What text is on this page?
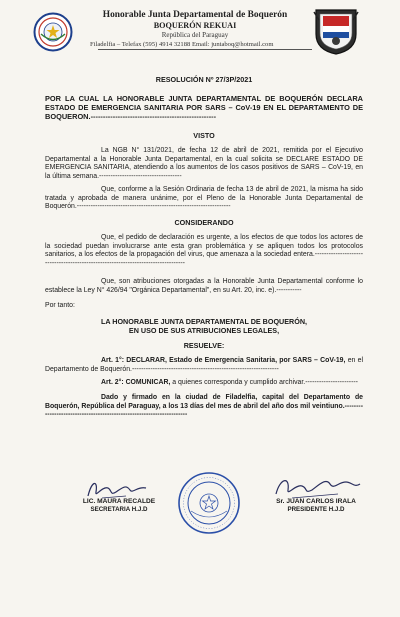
Honorable Junta Departamental de Boquerón
BOQUERÓN REKUAI
República del Paraguay
Filadelfia – Telefax (595) 4914 32188 Email: juntaboq@hotmail.com
RESOLUCIÓN Nº 27/3P/2021
POR LA CUAL LA HONORABLE JUNTA DEPARTAMENTAL DE BOQUERÓN DECLARA ESTADO DE EMERGENCIA SANITARIA POR SARS – CoV-19 EN EL DEPARTAMENTO DE BOQUERON.---------------------------------------------------
VISTO

La NGB N° 131/2021, de fecha 12 de abril de 2021, remitida por el Ejecutivo Departamental a la Honorable Junta Departamental, en la cual solicita se DECLARE ESTADO DE EMERGENCIA SANITARIA, atendiendo a los aumentos de los casos positivos de SARS – CoV-19, en la última semana.------------------------------------

Que, conforme a la Sesión Ordinaria de fecha 13 de abril de 2021, la misma ha sido tratada y aprobada de manera unánime, por el Pleno de la Honorable Junta Departamental de Boquerón.-------------------------------------------------------------------

CONSIDERANDO

Que, el pedido de declaración es urgente, a los efectos de que todos los actores de la sociedad puedan involucrarse ante esta gran problemática y se apliquen todos los protocolos sanitarios, a los efectos de la propagación del virus, que amenaza a la sociedad entera.----------------------------------------------------------------------------------

Que, son atribuciones otorgadas a la Honorable Junta Departamental conforme lo establece la Ley N° 426/94 "Orgánica Departamental", en su Art. 20, inc. e).-----------

Por tanto:
LA HONORABLE JUNTA DEPARTAMENTAL DE BOQUERÓN,
EN USO DE SUS ATRIBUCIONES LEGALES,
RESUELVE:

Art. 1°: DECLARAR, Estado de Emergencia Sanitaria, por SARS – CoV-19, en el Departamento de Boquerón.----------------------------------------------------------------

Art. 2°: COMUNICAR, a quienes corresponda y cumplido archivar.-----------------------

Dado y firmado en la ciudad de Filadelfia, capital del Departamento de Boquerón, República del Paraguay, a los 13 días del mes de abril del año dos mil veintiuno.----------------------------------------------------------------------

LIC. MAURA RECALDE
SECRETARIA H.J.D
Sr. JUAN CARLOS IRALA
PRESIDENTE H.J.D
